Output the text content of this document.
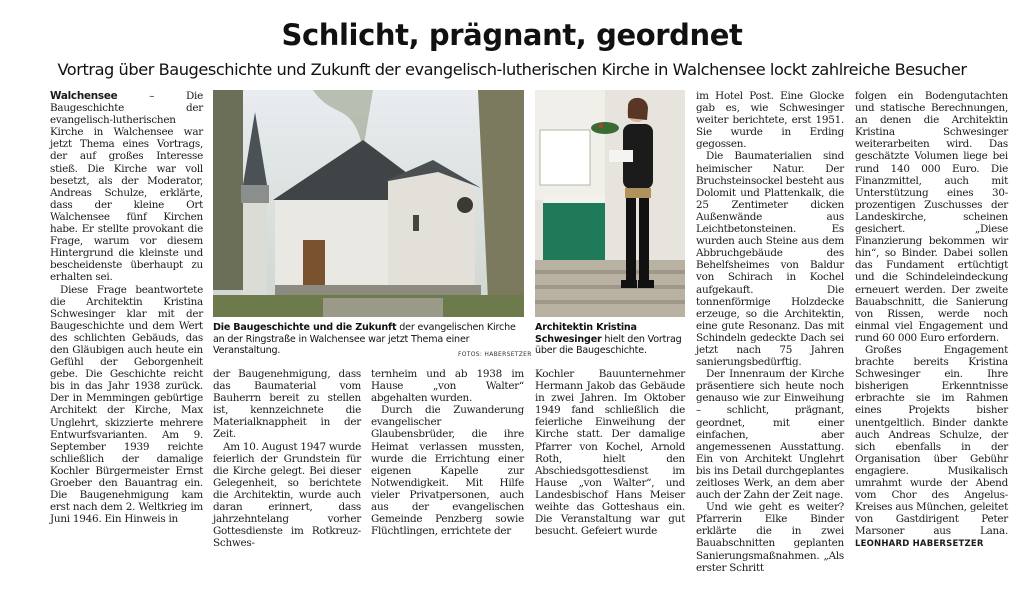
Schlicht, prägnant, geordnet
Vortrag über Baugeschichte und Zukunft der evangelisch-lutherischen Kirche in Walchensee lockt zahlreiche Besucher

Walchensee – Die Baugeschichte der evangelisch-lutherischen Kirche in Walchensee war jetzt Thema eines Vortrags, der auf großes Interesse stieß. Die Kirche war voll besetzt, als der Moderator, Andreas Schulze, erklärte, dass der kleine Ort Walchensee fünf Kirchen habe. Er stellte provokant die Frage, warum vor diesem Hintergrund die kleinste und bescheidenste überhaupt zu erhalten sei.

Diese Frage beantwortete die Architektin Kristina Schwesinger klar mit der Baugeschichte und dem Wert des schlichten Gebäuds, das den Gläubigen auch heute ein Gefühl der Geborgenheit gebe. Die Geschichte reicht bis in das Jahr 1938 zurück. Der in Memmingen gebürtige Architekt der Kirche, Max Unglehrt, skizzierte mehrere Entwurfsvarianten. Am 9. September 1939 reichte schließlich der damalige Kochler Bürgermeister Ernst Groeber den Bauantrag ein. Die Baugenehmigung kam erst nach dem 2. Weltkrieg im Juni 1946. Ein Hinweis in

Die Baugeschichte und die Zukunft der evangelischen Kirche an der Ringstraße in Walchensee war jetzt Thema einer Veranstaltung.	FOTOS: HABERSETZER
Architektin Kristina Schwesinger hielt den Vortrag über die Baugeschichte.

der Baugenehmigung, dass das Baumaterial vom Bauherrn bereit zu stellen ist, kennzeichnete die Materialknappheit in der Zeit.

Am 10. August 1947 wurde feierlich der Grundstein für die Kirche gelegt. Bei dieser Gelegenheit, so berichtete die Architektin, wurde auch daran erinnert, dass jahrzehntelang vorher Gottesdienste im Rotkreuz-Schwes-

ternheim und ab 1938 im Hause „von Walter“ abgehalten wurden.

Durch die Zuwanderung evangelischer Glaubensbrüder, die ihre Heimat verlassen mussten, wurde die Errichtung einer eigenen Kapelle zur Notwendigkeit. Mit Hilfe vieler Privatpersonen, auch aus der evangelischen Gemeinde Penzberg sowie Flüchtlingen, errichtete der

Kochler Bauunternehmer Hermann Jakob das Gebäude in zwei Jahren. Im Oktober 1949 fand schließlich die feierliche Einweihung der Kirche statt. Der damalige Pfarrer von Kochel, Arnold Roth, hielt den Abschiedsgottesdienst im Hause „von Walter“, und Landesbischof Hans Meiser weihte das Gotteshaus ein. Die Veranstaltung war gut besucht. Gefeiert wurde

im Hotel Post. Eine Glocke gab es, wie Schwesinger weiter berichtete, erst 1951. Sie wurde in Erding gegossen.

Die Baumaterialien sind heimischer Natur. Der Bruchsteinsockel besteht aus Dolomit und Plattenkalk, die 25 Zentimeter dicken Außenwände aus Leichtbetonsteinen. Es wurden auch Steine aus dem Abbruchgebäude des Behelfsheimes von Baldur von Schirach in Kochel aufgekauft. Die tonnenförmige Holzdecke erzeuge, so die Architektin, eine gute Resonanz. Das mit Schindeln gedeckte Dach sei jetzt nach 75 Jahren sanierungsbedürftig.

Der Innenraum der Kirche präsentiere sich heute noch genauso wie zur Einweihung – schlicht, prägnant, geordnet, mit einer einfachen, aber angemessenen Ausstattung. Ein von Architekt Unglehrt bis ins Detail durchgeplantes zeitloses Werk, an dem aber auch der Zahn der Zeit nage.

Und wie geht es weiter? Pfarrerin Elke Binder erklärte die in zwei Bauabschnitten geplanten Sanierungsmaßnahmen. „Als erster Schritt

folgen ein Bodengutachten und statische Berechnungen, an denen die Architektin Kristina Schwesinger weiterarbeiten wird. Das geschätzte Volumen liege bei rund 140 000 Euro. Die Finanzmittel, auch mit Unterstützung eines 30-prozentigen Zuschusses der Landeskirche, scheinen gesichert. „Diese Finanzierung bekommen wir hin“, so Binder. Dabei sollen das Fundament ertüchtigt und die Schindeleindeckung erneuert werden. Der zweite Bauabschnitt, die Sanierung von Rissen, werde noch einmal viel Engagement und rund 60 000 Euro erfordern.

Großes Engagement brachte bereits Kristina Schwesinger ein. Ihre bisherigen Erkenntnisse erbrachte sie im Rahmen eines Projekts bisher unentgeltlich. Binder dankte auch Andreas Schulze, der sich ebenfalls in der Organisation über Gebühr engagiere. Musikalisch umrahmt wurde der Abend vom Chor des Angelus-Kreises aus München, geleitet von Gastdirigent Peter Marsoner aus Lana. LEONHARD HABERSETZER
